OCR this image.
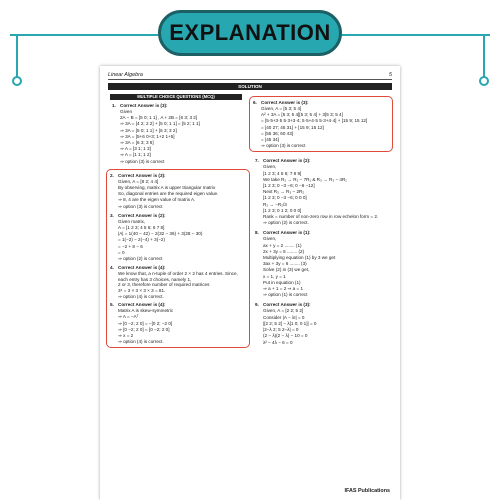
EXPLANATION
Linear Algebra	5
SOLUTION
MULTIPLE CHOICE QUESTIONS (MCQ)
1. Correct Answer is (3):
Given
2A − B = [5 0; 1 1] , A + 2B = [6 3; 3 2]
⇒ 3A = [4 2; 2 2] + [5 0; 1 1] = [5 2; 1 1]
⇒ 3A = [5 0; 1 1] + [6 3; 3 2]
⇒ 3A = [5+6 0+3; 1+2 1+5]
⇒ 3A = [6 3; 3 6]
⇒ A = [3 1; 1 3]
⇒ A = [1 1; 1 2]
⇒ option (3) is correct
2. Correct Answer is (3):
Given, A = [8 2; 4 4]
By observing, matrix A is upper triangular matrix
So, diagonal entries are the required eigen value.
⇒ 8, 4 are the eigen value of matrix A.
⇒ option (3) is correct
3. Correct Answer is (2):
Given matrix,
A = [1 2 3; 4 5 6; 6 7 8]
|A| = 1(40 − 42) − 2(32 − 36) + 3(28 − 30)
= 1(−2) − 2(−4) + 3(−2)
= −2 + 8 − 6
= 0
⇒ option (2) is correct
4. Correct Answer is (4):
We know that, a n-tuple of order 2 × 2 has 4 entries. Since, each entry has 3 choices, namely 1,
2 or 3, therefore number of required matrices
3⁴ = 3 × 3 × 3 × 3 = 81.
⇒ option (4) is correct.
5. Correct Answer is (4):
Matrix A is skew-symmetric
⇒ A = −Aᵀ
⇒ [0 −2; 2 0] = −[0 2; −2 0]
⇒ [0 −2; 2 0] = [0 −2; 2 0]
⇒ x = 2
⇒ option (4) is correct.
6. Correct Answer is (3):
Given, A = [5 3; 5 4]
A² + 3A = [5 3; 5 4][5 3; 5 4] + 3[5 3; 5 4]
= [5·5+3·5 5·3+3·4; 5·5+4·5 5·3+4·4] + [15 9; 15 12]
= [40 27; 45 31] + [15 9; 15 12]
= [55 36; 60 43]
= [45 34]
⇒ option (3) is correct
7. Correct Answer is (2):
Given,
[1 2 3; 4 5 6; 7 8 9]
We take R₂ → R₂ − 7R₁ & R₃ → R₃ − 4R₁
[1 2 3; 0 −3 −6; 0 −6 −12]
Next R₃ → R₃ − 2R₂
[1 2 3; 0 −3 −6; 0 0 0]
R₂ → −R₂/3
[1 2 3; 0 1 2; 0 0 0]
Rank = number of non-zero row in row echelon form = 2.
⇒ option (2) is correct.
8. Correct Answer is (1):
Given,
ax + y = 2 ........ (1)
2x + 3y = 5 ........ (2)
Multiplying equation (1) by 3 we get
3ax + 3y = 6 ........ (3)
Solve (2) in (3) we get,
x = 1, y = 1
Put in equation (1)
⇒ a + 1 = 2 ⇒ a = 1
⇒ option (1) is correct
9. Correct Answer is (3):
Given, A = [2 2; 5 2]
Consider |A − λI| = 0
|[2 2; 5 2] − λ[1 0; 0 1]| = 0
|2−λ 2; 5 2−λ| = 0
(2 − λ)(2 − λ) − 10 = 0
λ² − 4λ − 6 = 0
IFAS Publications
